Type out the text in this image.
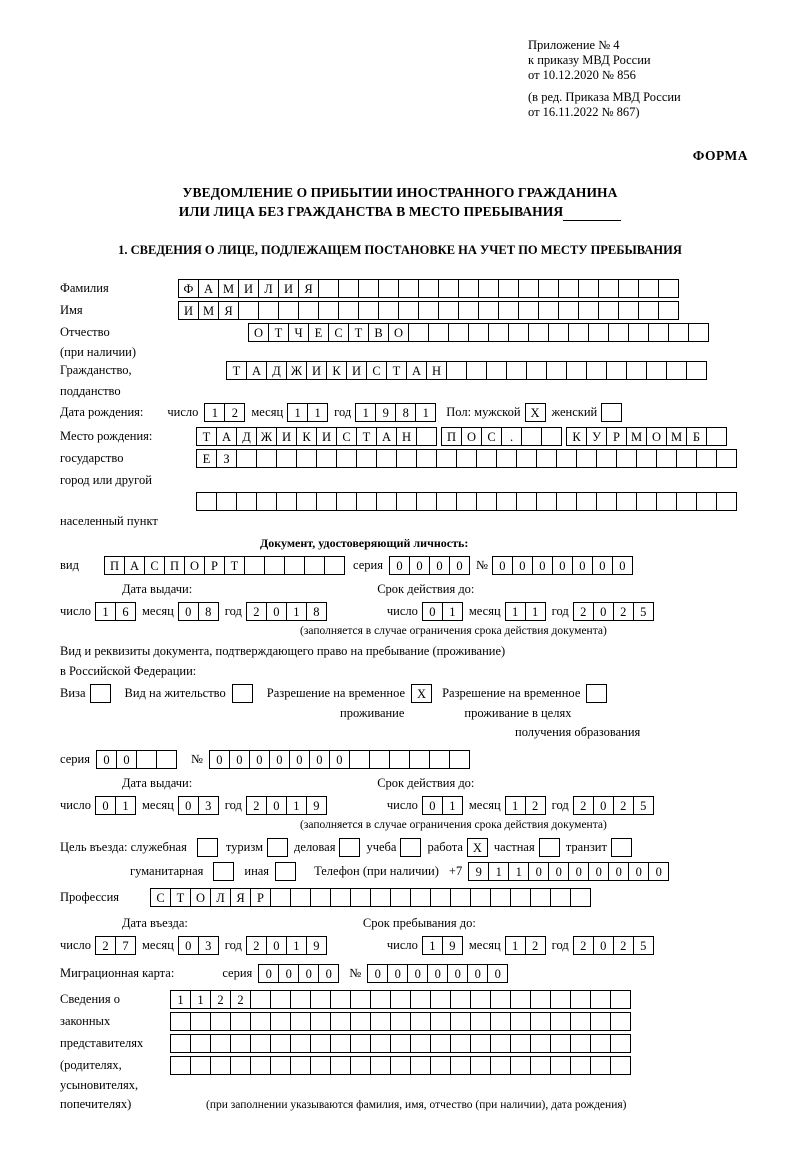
Приложение № 4
к приказу МВД России
от 10.12.2020 № 856
(в ред. Приказа МВД России
от 16.11.2022 № 867)
ФОРМА
УВЕДОМЛЕНИЕ О ПРИБЫТИИ ИНОСТРАННОГО ГРАЖДАНИНА
ИЛИ ЛИЦА БЕЗ ГРАЖДАНСТВА В МЕСТО ПРЕБЫВАНИЯ
1. СВЕДЕНИЯ О ЛИЦЕ, ПОДЛЕЖАЩЕМ ПОСТАНОВКЕ НА УЧЕТ ПО МЕСТУ ПРЕБЫВАНИЯ
Фамилия	Ф А М И Л И Я
Имя	И М Я
Отчество	О Т Ч Е С Т В О
(при наличии)
Гражданство,	Т А Д Ж И К И С Т А Н
подданство
Дата рождения: число	1	2	месяц 1	1	год 1	9	8	1	Пол: мужской Х женский
Место рождения:	Т А Д Ж И К И С Т А Н	П О С	.	К У Р М О М Б
государство	Е	З
город или другой
населенный пункт
Документ, удостоверяющий личность:
вид	П А С П О Р	Т	серия	0	0	0	0	№ 0	0	0	0	0	0	0
Дата выдачи:	Срок действия до:
число 1	6	месяц 0	8	год 2	0	1	8	число 0	1	месяц 1	1	год 2	0	2	5
(заполняется в случае ограничения срока действия документа)
Вид и реквизиты документа, подтверждающего право на пребывание (проживание)
в Российской Федерации:
Виза	Вид на жительство	Разрешение на временное Х	Разрешение на временное
проживание	проживание в целях
получения образования
серия	0	0	№	0	0	0	0	0	0	0
Дата выдачи:	Срок действия до:
число 0	1	месяц 0	3	год 2	0	1	9	число 0	1	месяц 1	2	год 2	0	2	5
(заполняется в случае ограничения срока действия документа)
Цель въезда: служебная	туризм деловая учеба работа Х частная транзит
гуманитарная	иная	Телефон (при наличии) +7	9	1	1	0	0	0	0	0	0	0
Профессия	С Т О Л Я Р
Дата въезда:	Срок пребывания до:
число 2	7	месяц 0	3	год 2	0	1	9	число 1	9	месяц 1	2	год 2	0	2	5
Миграционная карта:	серия	0	0	0	0	№	0	0	0	0	0	0	0
Сведения о	1	1	2	2
законных
представителях
(родителях,
усыновителях,
попечителях)	(при заполнении указываются фамилия, имя, отчество (при наличии), дата рождения)
